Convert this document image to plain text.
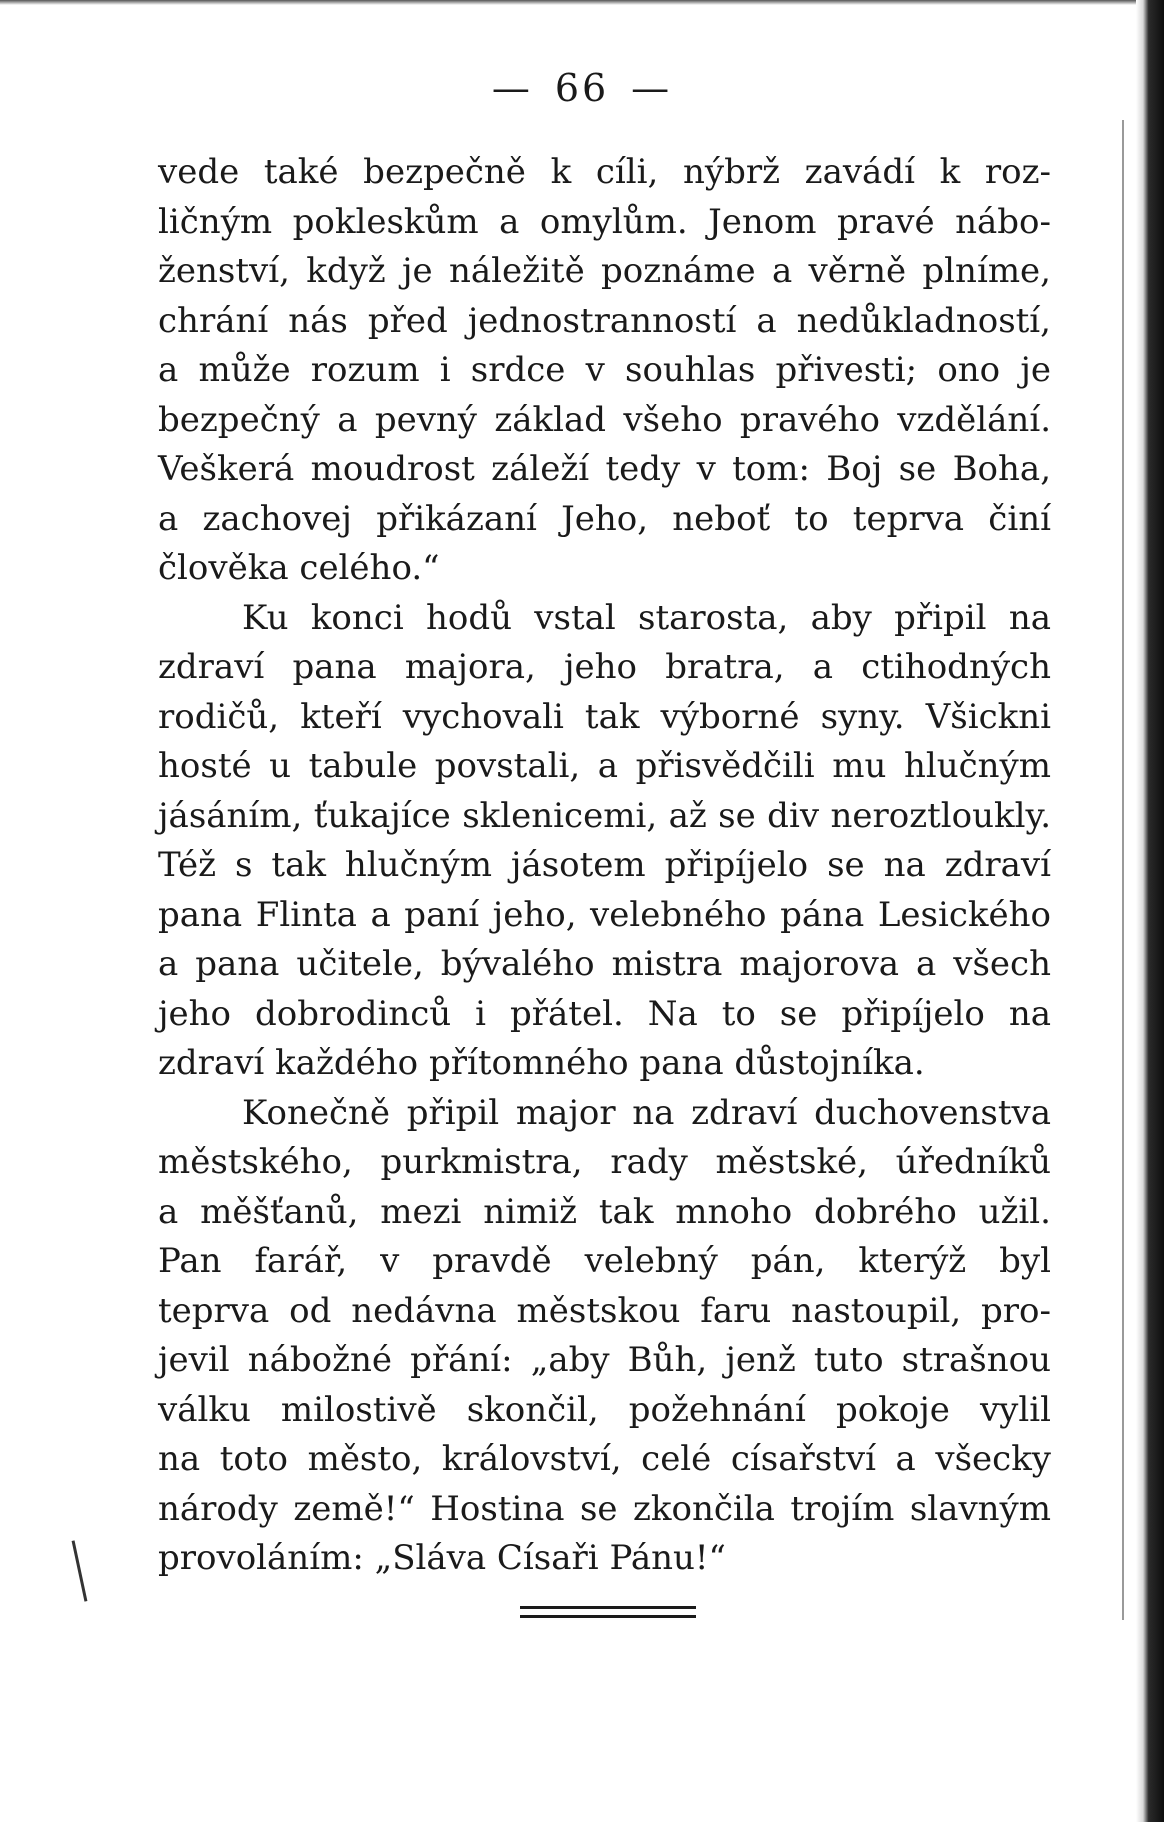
— 66 —
vede také bezpečně k cíli, nýbrž zavádí k roz-
ličným pokleskům a omylům. Jenom pravé nábo-
ženství, když je náležitě poznáme a věrně plníme,
chrání nás před jednostranností a nedůkladností,
a může rozum i srdce v souhlas přivesti; ono je
bezpečný a pevný základ všeho pravého vzdělání.
Veškerá moudrost záleží tedy v tom: Boj se Boha,
a zachovej přikázaní Jeho, neboť to teprva činí
člověka celého.“
Ku konci hodů vstal starosta, aby připil na
zdraví pana majora, jeho bratra, a ctihodných
rodičů, kteří vychovali tak výborné syny. Všickni
hosté u tabule povstali, a přisvědčili mu hlučným
jásáním, ťukajíce sklenicemi, až se div neroztloukly.
Též s tak hlučným jásotem připíjelo se na zdraví
pana Flinta a paní jeho, velebného pána Lesického
a pana učitele, bývalého mistra majorova a všech
jeho dobrodinců i přátel. Na to se připíjelo na
zdraví každého přítomného pana důstojníka.
Konečně připil major na zdraví duchovenstva
městského, purkmistra, rady městské, úředníků
a měšťanů, mezi nimiž tak mnoho dobrého užil.
Pan farář, v pravdě velebný pán, kterýž byl
teprva od nedávna městskou faru nastoupil, pro-
jevil nábožné přání: „aby Bůh, jenž tuto strašnou
válku milostivě skončil, požehnání pokoje vylil
na toto město, království, celé císařství a všecky
národy země!“ Hostina se zkončila trojím slavným
provoláním: „Sláva Císaři Pánu!“
